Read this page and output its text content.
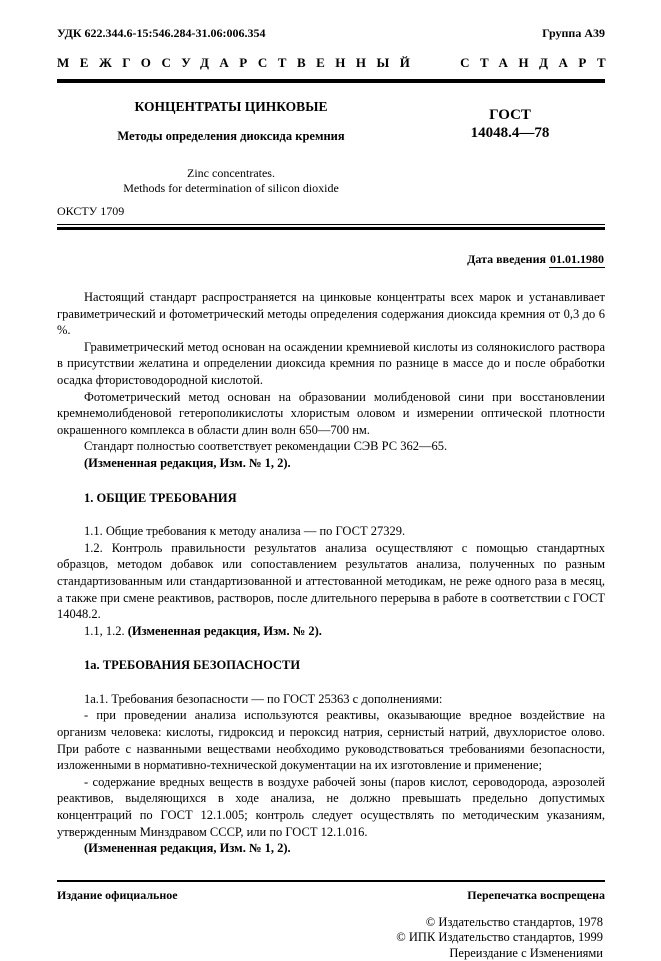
УДК 622.344.6-15:546.284-31.06:006.354	Группа А39
МЕЖГОСУДАРСТВЕННЫЙ СТАНДАРТ
КОНЦЕНТРАТЫ ЦИНКОВЫЕ
Методы определения диоксида кремния
Zinc concentrates.
Methods for determination of silicon dioxide
ГОСТ
14048.4—78
ОКСТУ 1709
Дата введения 01.01.1980

Настоящий стандарт распространяется на цинковые концентраты всех марок и устанавливает гравиметрический и фотометрический методы определения содержания диоксида кремния от 0,3 до 6 %.

Гравиметрический метод основан на осаждении кремниевой кислоты из солянокислого раствора в присутствии желатина и определении диоксида кремния по разнице в массе до и после обработки осадка фтористоводородной кислотой.

Фотометрический метод основан на образовании молибденовой сини при восстановлении кремнемолибденовой гетерополикислоты хлористым оловом и измерении оптической плотности окрашенного комплекса в области длин волн 650—700 нм.

Стандарт полностью соответствует рекомендации СЭВ РС 362—65.

(Измененная редакция, Изм. № 1, 2).

1. ОБЩИЕ ТРЕБОВАНИЯ

1.1. Общие требования к методу анализа — по ГОСТ 27329.

1.2. Контроль правильности результатов анализа осуществляют с помощью стандартных образцов, методом добавок или сопоставлением результатов анализа, полученных по разным стандартизованным или стандартизованной и аттестованной методикам, не реже одного раза в месяц, а также при смене реактивов, растворов, после длительного перерыва в работе в соответствии с ГОСТ 14048.2.

1.1, 1.2. (Измененная редакция, Изм. № 2).

1а. ТРЕБОВАНИЯ БЕЗОПАСНОСТИ

1а.1. Требования безопасности — по ГОСТ 25363 с дополнениями:

- при проведении анализа используются реактивы, оказывающие вредное воздействие на организм человека: кислоты, гидроксид и пероксид натрия, сернистый натрий, двухлористое олово. При работе с названными веществами необходимо руководствоваться требованиями безопасности, изложенными в нормативно-технической документации на их изготовление и применение;

- содержание вредных веществ в воздухе рабочей зоны (паров кислот, сероводорода, аэрозолей реактивов, выделяющихся в ходе анализа, не должно превышать предельно допустимых концентраций по ГОСТ 12.1.005; контроль следует осуществлять по методическим указаниям, утвержденным Минздравом СССР, или по ГОСТ 12.1.016.

(Измененная редакция, Изм. № 1, 2).

Издание официальное	Перепечатка воспрещена
© Издательство стандартов, 1978
© ИПК Издательство стандартов, 1999
Переиздание с Изменениями
